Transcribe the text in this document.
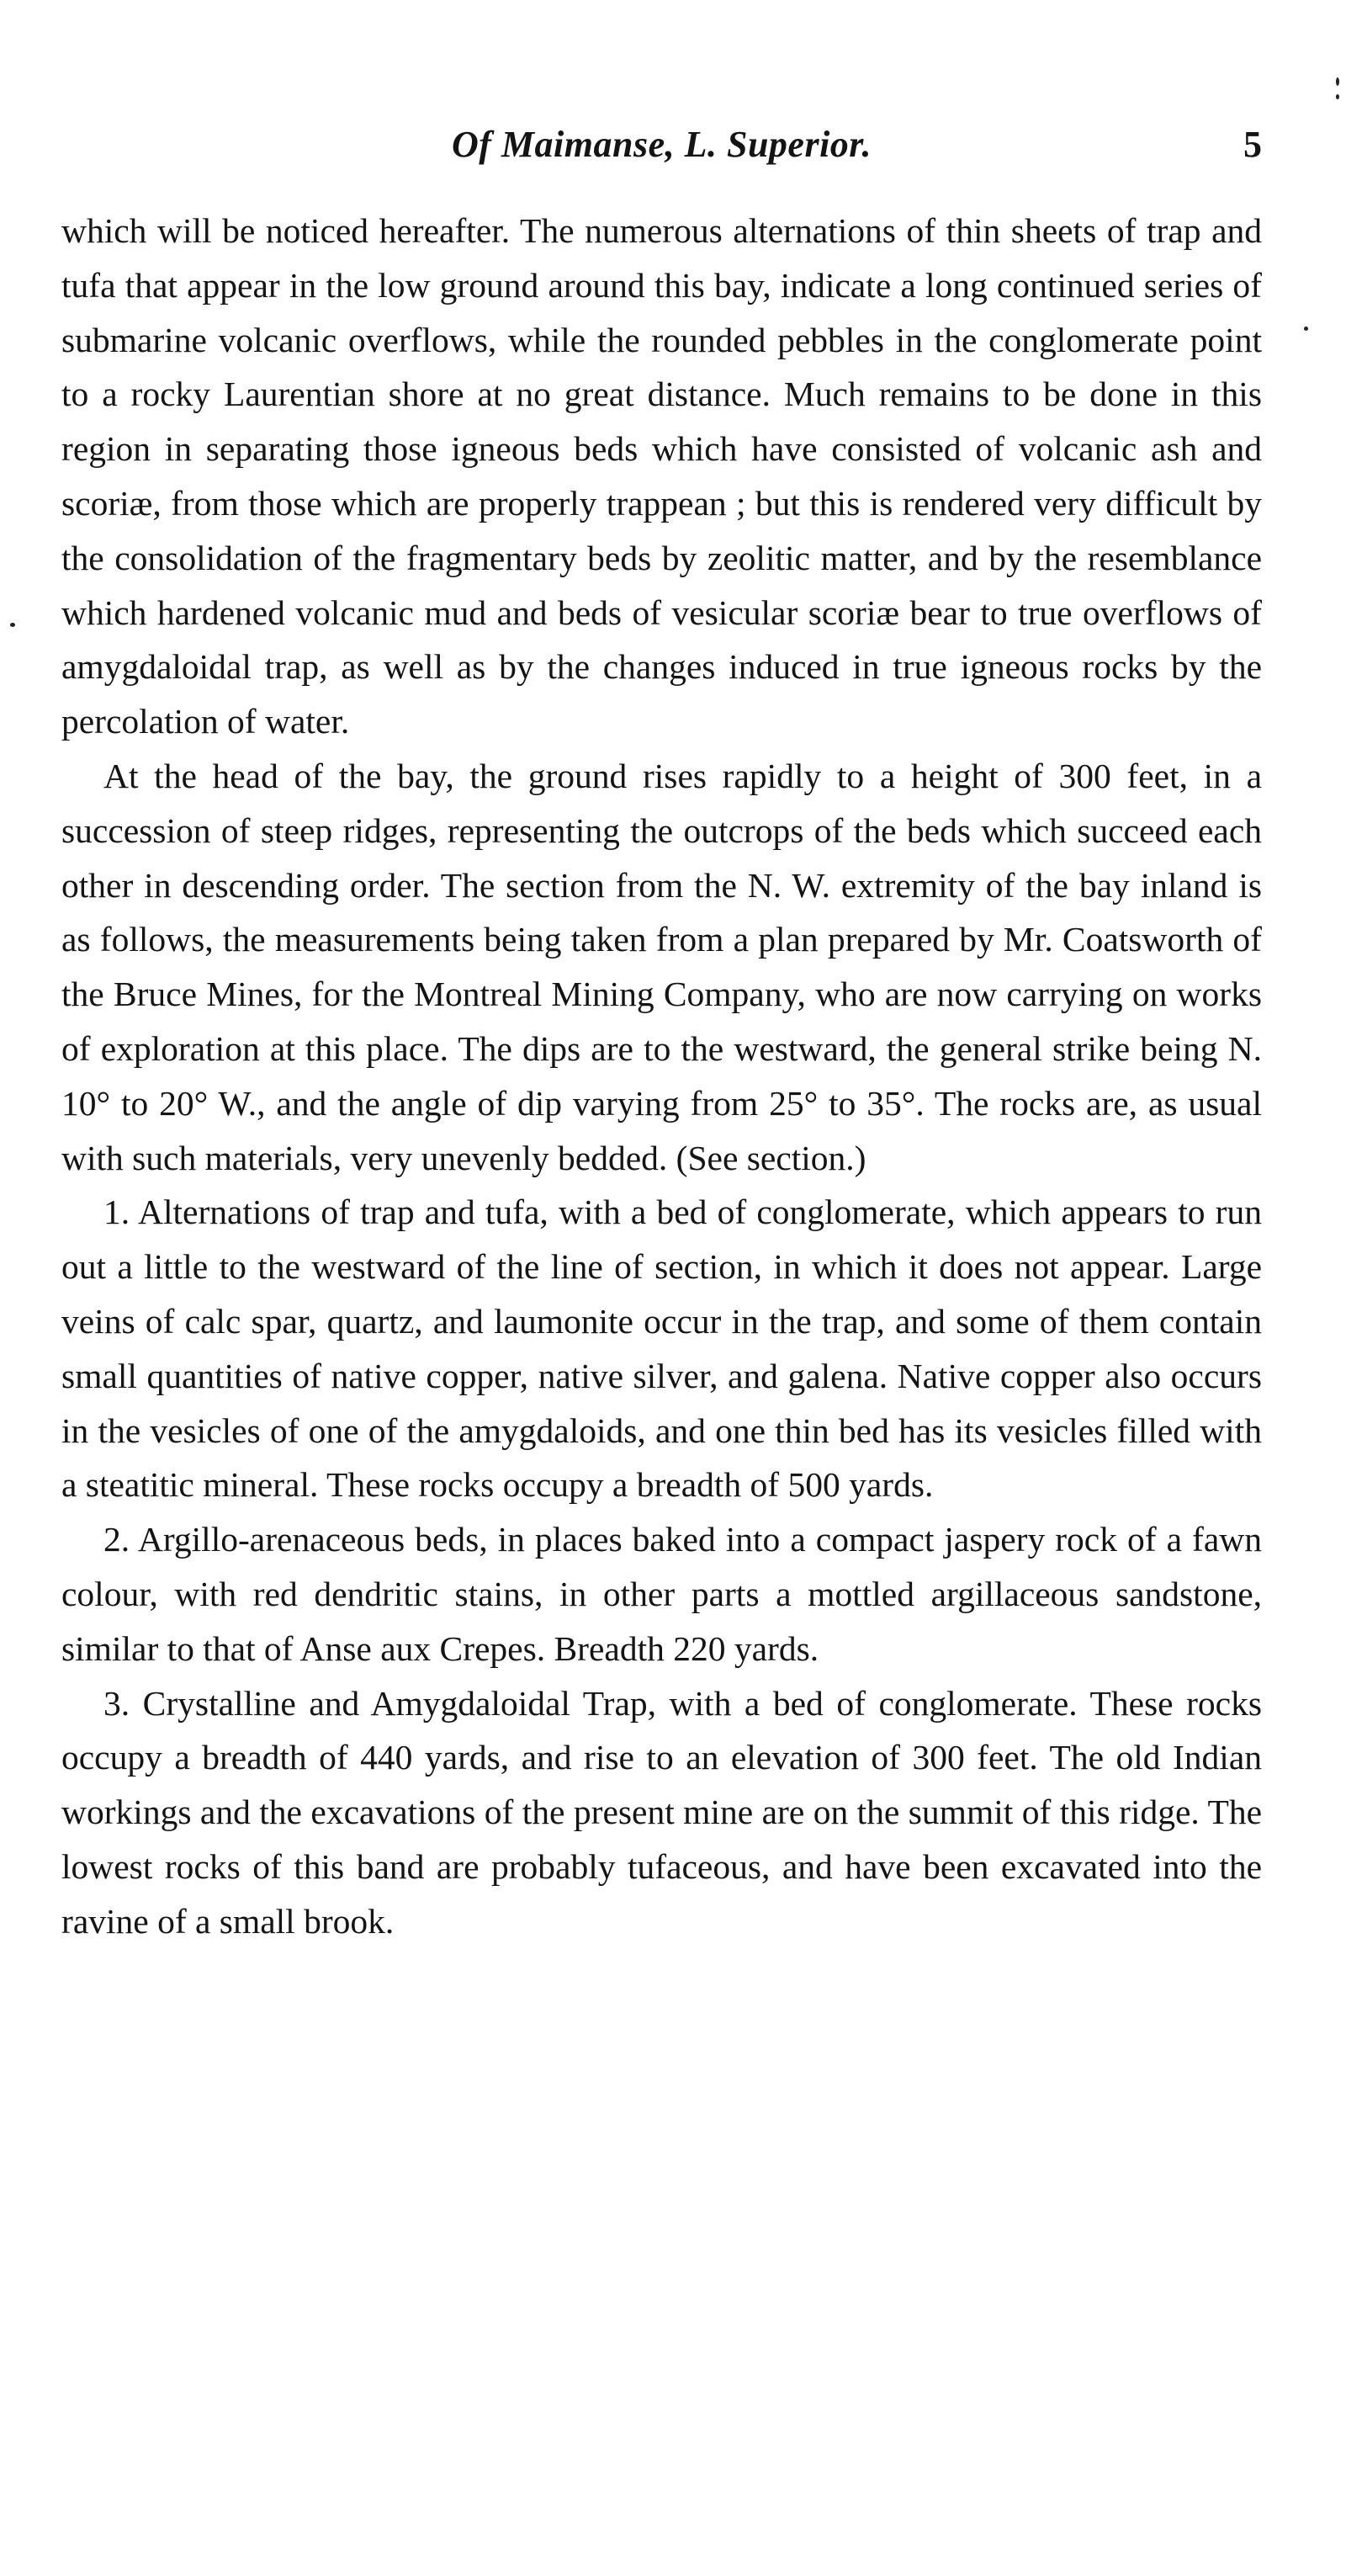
Of Maimanse, L. Superior.	5

which will be noticed hereafter. The numerous alternations of thin sheets of trap and tufa that appear in the low ground around this bay, indicate a long continued series of submarine volcanic overflows, while the rounded pebbles in the conglomerate point to a rocky Laurentian shore at no great distance. Much remains to be done in this region in separating those igneous beds which have consisted of volcanic ash and scoriæ, from those which are properly trappean ; but this is rendered very difficult by the consolidation of the fragmentary beds by zeolitic matter, and by the resemblance which hardened volcanic mud and beds of vesicular scoriæ bear to true overflows of amygdaloidal trap, as well as by the changes induced in true igneous rocks by the percolation of water.

At the head of the bay, the ground rises rapidly to a height of 300 feet, in a succession of steep ridges, representing the outcrops of the beds which succeed each other in descending order. The section from the N. W. extremity of the bay inland is as follows, the measurements being taken from a plan prepared by Mr. Coatsworth of the Bruce Mines, for the Montreal Mining Company, who are now carrying on works of exploration at this place. The dips are to the westward, the general strike being N. 10° to 20° W., and the angle of dip varying from 25° to 35°. The rocks are, as usual with such materials, very unevenly bedded. (See section.)

1. Alternations of trap and tufa, with a bed of conglomerate, which appears to run out a little to the westward of the line of section, in which it does not appear. Large veins of calc spar, quartz, and laumonite occur in the trap, and some of them contain small quantities of native copper, native silver, and galena. Native copper also occurs in the vesicles of one of the amygdaloids, and one thin bed has its vesicles filled with a steatitic mineral. These rocks occupy a breadth of 500 yards.

2. Argillo-arenaceous beds, in places baked into a compact jaspery rock of a fawn colour, with red dendritic stains, in other parts a mottled argillaceous sandstone, similar to that of Anse aux Crepes. Breadth 220 yards.

3. Crystalline and Amygdaloidal Trap, with a bed of conglomerate. These rocks occupy a breadth of 440 yards, and rise to an elevation of 300 feet. The old Indian workings and the excavations of the present mine are on the summit of this ridge. The lowest rocks of this band are probably tufaceous, and have been excavated into the ravine of a small brook.
